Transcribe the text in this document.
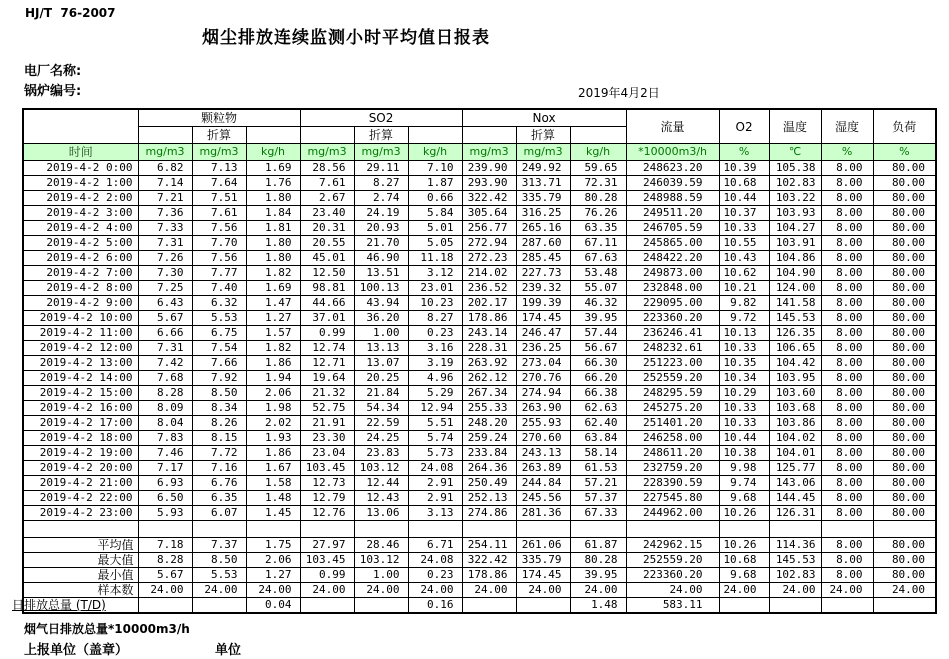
HJ/T  76-2007
烟尘排放连续监测小时平均值日报表
电厂名称:
锅炉编号:	2019年4月2日
	颗粒物			SO2			Nox			流量	O2	温度	湿度	负荷
		折算			折算			折算						
时间	mg/m3	mg/m3	kg/h	mg/m3	mg/m3	kg/h	mg/m3	mg/m3	kg/h	*10000m3/h	%	℃	%	%
2019-4-2 0:00	6.82	7.13	1.69	28.56	29.11	7.10	239.90	249.92	59.65	248623.20	10.39	105.38	8.00	80.00
2019-4-2 1:00	7.14	7.64	1.76	7.61	8.27	1.87	293.90	313.71	72.31	246039.59	10.68	102.83	8.00	80.00
2019-4-2 2:00	7.21	7.51	1.80	2.67	2.74	0.66	322.42	335.79	80.28	248988.59	10.44	103.22	8.00	80.00
2019-4-2 3:00	7.36	7.61	1.84	23.40	24.19	5.84	305.64	316.25	76.26	249511.20	10.37	103.93	8.00	80.00
2019-4-2 4:00	7.33	7.56	1.81	20.31	20.93	5.01	256.77	265.16	63.35	246705.59	10.33	104.27	8.00	80.00
2019-4-2 5:00	7.31	7.70	1.80	20.55	21.70	5.05	272.94	287.60	67.11	245865.00	10.55	103.91	8.00	80.00
2019-4-2 6:00	7.26	7.56	1.80	45.01	46.90	11.18	272.23	285.45	67.63	248422.20	10.43	104.86	8.00	80.00
2019-4-2 7:00	7.30	7.77	1.82	12.50	13.51	3.12	214.02	227.73	53.48	249873.00	10.62	104.90	8.00	80.00
2019-4-2 8:00	7.25	7.40	1.69	98.81	100.13	23.01	236.52	239.32	55.07	232848.00	10.21	124.00	8.00	80.00
2019-4-2 9:00	6.43	6.32	1.47	44.66	43.94	10.23	202.17	199.39	46.32	229095.00	9.82	141.58	8.00	80.00
2019-4-2 10:00	5.67	5.53	1.27	37.01	36.20	8.27	178.86	174.45	39.95	223360.20	9.72	145.53	8.00	80.00
2019-4-2 11:00	6.66	6.75	1.57	0.99	1.00	0.23	243.14	246.47	57.44	236246.41	10.13	126.35	8.00	80.00
2019-4-2 12:00	7.31	7.54	1.82	12.74	13.13	3.16	228.31	236.25	56.67	248232.61	10.33	106.65	8.00	80.00
2019-4-2 13:00	7.42	7.66	1.86	12.71	13.07	3.19	263.92	273.04	66.30	251223.00	10.35	104.42	8.00	80.00
2019-4-2 14:00	7.68	7.92	1.94	19.64	20.25	4.96	262.12	270.76	66.20	252559.20	10.34	103.95	8.00	80.00
2019-4-2 15:00	8.28	8.50	2.06	21.32	21.84	5.29	267.34	274.94	66.38	248295.59	10.29	103.60	8.00	80.00
2019-4-2 16:00	8.09	8.34	1.98	52.75	54.34	12.94	255.33	263.90	62.63	245275.20	10.33	103.68	8.00	80.00
2019-4-2 17:00	8.04	8.26	2.02	21.91	22.59	5.51	248.20	255.93	62.40	251401.20	10.33	103.86	8.00	80.00
2019-4-2 18:00	7.83	8.15	1.93	23.30	24.25	5.74	259.24	270.60	63.84	246258.00	10.44	104.02	8.00	80.00
2019-4-2 19:00	7.46	7.72	1.86	23.04	23.83	5.73	233.84	243.13	58.14	248611.20	10.38	104.01	8.00	80.00
2019-4-2 20:00	7.17	7.16	1.67	103.45	103.12	24.08	264.36	263.89	61.53	232759.20	9.98	125.77	8.00	80.00
2019-4-2 21:00	6.93	6.76	1.58	12.73	12.44	2.91	250.49	244.84	57.21	228390.59	9.74	143.06	8.00	80.00
2019-4-2 22:00	6.50	6.35	1.48	12.79	12.43	2.91	252.13	245.56	57.37	227545.80	9.68	144.45	8.00	80.00
2019-4-2 23:00	5.93	6.07	1.45	12.76	13.06	3.13	274.86	281.36	67.33	244962.00	10.26	126.31	8.00	80.00

平均值	7.18	7.37	1.75	27.97	28.46	6.71	254.11	261.06	61.87	242962.15	10.26	114.36	8.00	80.00
最大值	8.28	8.50	2.06	103.45	103.12	24.08	322.42	335.79	80.28	252559.20	10.68	145.53	8.00	80.00
最小值	5.67	5.53	1.27	0.99	1.00	0.23	178.86	174.45	39.95	223360.20	9.68	102.83	8.00	80.00
样本数	24.00	24.00	24.00	24.00	24.00	24.00	24.00	24.00	24.00	24.00	24.00	24.00	24.00	24.00
日排放总量 (T/D)			0.04			0.16			1.48	583.11				
烟气日排放总量*10000m3/h
上报单位（盖章）	单位
